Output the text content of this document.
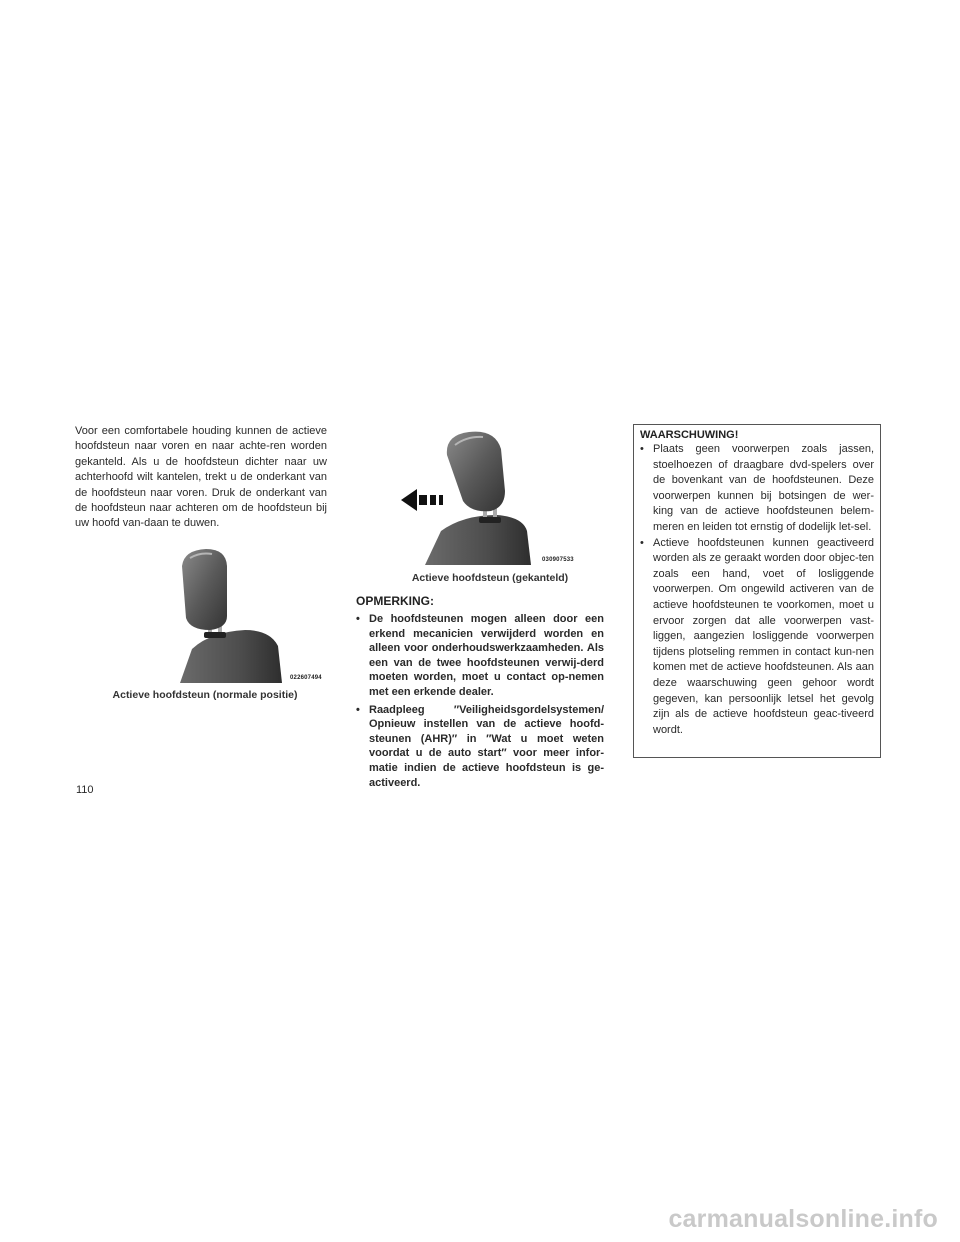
Voor een comfortabele houding kunnen de actieve hoofdsteun naar voren en naar achte-ren worden gekanteld. Als u de hoofdsteun dichter naar uw achterhoofd wilt kantelen, trekt u de onderkant van de hoofdsteun naar voren. Druk de onderkant van de hoofdsteun naar achteren om de hoofdsteun bij uw hoofd van-daan te duwen.

022607494

Actieve hoofdsteun (normale positie)

030907533

Actieve hoofdsteun (gekanteld)

OPMERKING:

• De hoofdsteunen mogen alleen door een erkend mecanicien verwijderd worden en alleen voor onderhoudswerkzaamheden. Als een van de twee hoofdsteunen verwij-derd moeten worden, moet u contact op-nemen met een erkende dealer.
• Raadpleeg ″Veiligheidsgordelsystemen/ Opnieuw instellen van de actieve hoofd-steunen (AHR)″ in ″Wat u moet weten voordat u de auto start″ voor meer infor-matie indien de actieve hoofdsteun is ge-activeerd.

WAARSCHUWING!

• Plaats geen voorwerpen zoals jassen, stoelhoezen of draagbare dvd-spelers over de bovenkant van de hoofdsteunen. Deze voorwerpen kunnen bij botsingen de wer-king van de actieve hoofdsteunen belem-meren en leiden tot ernstig of dodelijk let-sel.
• Actieve hoofdsteunen kunnen geactiveerd worden als ze geraakt worden door objec-ten zoals een hand, voet of losliggende voorwerpen. Om ongewild activeren van de actieve hoofdsteunen te voorkomen, moet u ervoor zorgen dat alle voorwerpen vast-liggen, aangezien losliggende voorwerpen tijdens plotseling remmen in contact kun-nen komen met de actieve hoofdsteunen. Als aan deze waarschuwing geen gehoor wordt gegeven, kan persoonlijk letsel het gevolg zijn als de actieve hoofdsteun geac-tiveerd wordt.

110

carmanualsonline.info
